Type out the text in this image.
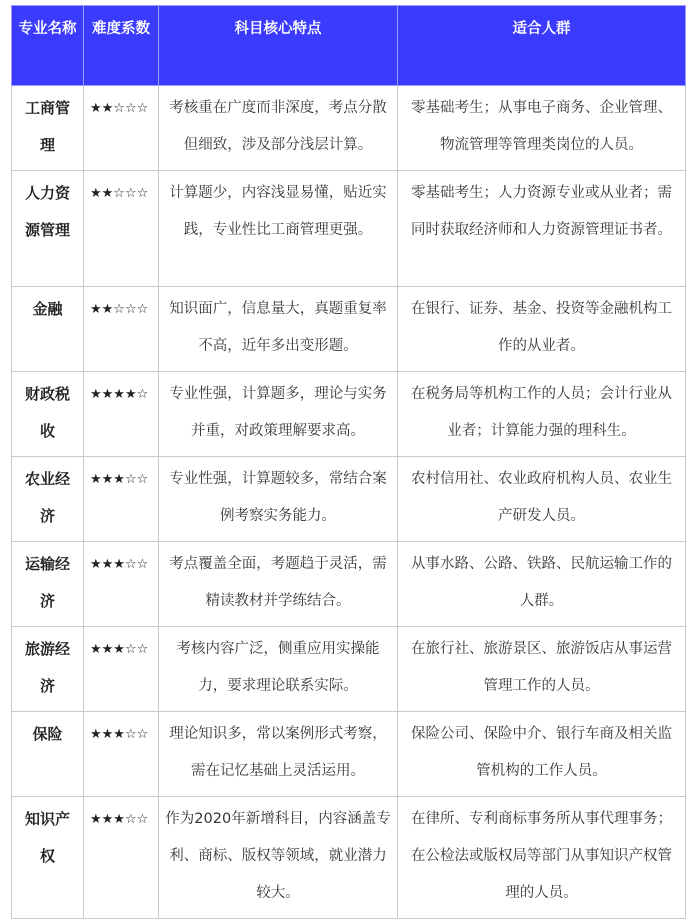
专业名称	难度系数	科目核心特点	适合人群
工商管理	★★☆☆☆	考核重在广度而非深度，考点分散但细致，涉及部分浅层计算。	零基础考生；从事电子商务、企业管理、物流管理等管理类岗位的人员。
人力资源管理	★★☆☆☆	计算题少，内容浅显易懂，贴近实践，专业性比工商管理更强。	零基础考生；人力资源专业或从业者；需同时获取经济师和人力资源管理证书者。
金融	★★☆☆☆	知识面广，信息量大，真题重复率不高，近年多出变形题。	在银行、证券、基金、投资等金融机构工作的从业者。
财政税收	★★★★☆	专业性强，计算题多，理论与实务并重，对政策理解要求高。	在税务局等机构工作的人员；会计行业从业者；计算能力强的理科生。
农业经济	★★★☆☆	专业性强，计算题较多，常结合案例考察实务能力。	农村信用社、农业政府机构人员、农业生产研发人员。
运输经济	★★★☆☆	考点覆盖全面，考题趋于灵活，需精读教材并学练结合。	从事水路、公路、铁路、民航运输工作的人群。
旅游经济	★★★☆☆	考核内容广泛，侧重应用实操能力，要求理论联系实际。	在旅行社、旅游景区、旅游饭店从事运营管理工作的人员。
保险	★★★☆☆	理论知识多，常以案例形式考察，需在记忆基础上灵活运用。	保险公司、保险中介、银行车商及相关监管机构的工作人员。
知识产权	★★★☆☆	作为2020年新增科目，内容涵盖专利、商标、版权等领域，就业潜力较大。	在律所、专利商标事务所从事代理事务；在公检法或版权局等部门从事知识产权管理的人员。
